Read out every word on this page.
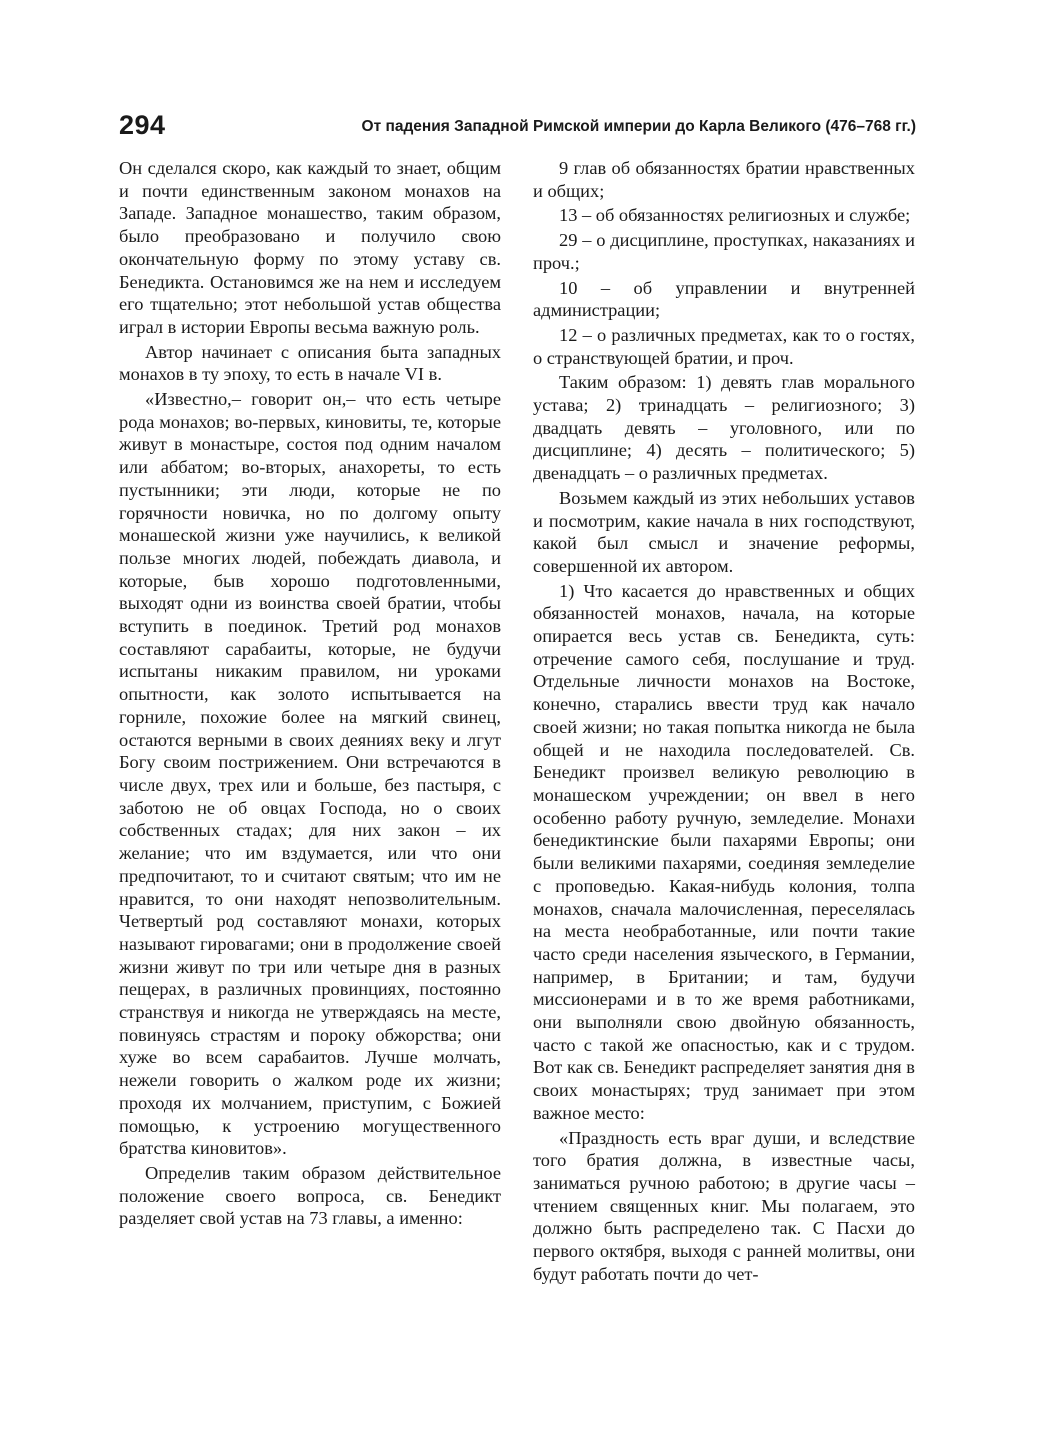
294	От падения Западной Римской империи до Карла Великого (476–768 гг.)

Он сделался скоро, как каждый то знает, общим и почти единственным законом монахов на Западе. Западное монашество, таким образом, было преобразовано и получило свою окончательную форму по этому уставу св. Бенедикта. Остановимся же на нем и исследуем его тщательно; этот небольшой устав общества играл в истории Европы весьма важную роль.

Автор начинает с описания быта западных монахов в ту эпоху, то есть в начале VI в.

«Известно,– говорит он,– что есть четыре рода монахов; во-первых, киновиты, те, которые живут в монастыре, состоя под одним началом или аббатом; во-вторых, анахореты, то есть пустынники; эти люди, которые не по горячности новичка, но по долгому опыту монашеской жизни уже научились, к великой пользе многих людей, побеждать диавола, и которые, быв хорошо подготовленными, выходят одни из воинства своей братии, чтобы вступить в поединок. Третий род монахов составляют сарабаиты, которые, не будучи испытаны никаким правилом, ни уроками опытности, как золото испытывается на горниле, похожие более на мягкий свинец, остаются верными в своих деяниях веку и лгут Богу своим пострижением. Они встречаются в числе двух, трех или и больше, без пастыря, с заботою не об овцах Господа, но о своих собственных стадах; для них закон – их желание; что им вздумается, или что они предпочитают, то и считают святым; что им не нравится, то они находят непозволительным. Четвертый род составляют монахи, которых называют гировагами; они в продолжение своей жизни живут по три или четыре дня в разных пещерах, в различных провинциях, постоянно странствуя и никогда не утверждаясь на месте, повинуясь страстям и пороку обжорства; они хуже во всем сарабаитов. Лучше молчать, нежели говорить о жалком роде их жизни; проходя их молчанием, приступим, с Божией помощью, к устроению могущественного братства киновитов».

Определив таким образом действительное положение своего вопроса, св. Бенедикт разделяет свой устав на 73 главы, а именно:

9 глав об обязанностях братии нравственных и общих;

13 – об обязанностях религиозных и службе;

29 – о дисциплине, проступках, наказаниях и проч.;

10 – об управлении и внутренней администрации;

12 – о различных предметах, как то о гостях, о странствующей братии, и проч.

Таким образом: 1) девять глав морального устава; 2) тринадцать – религиозного; 3) двадцать девять – уголовного, или по дисциплине; 4) десять – политического; 5) двенадцать – о различных предметах.

Возьмем каждый из этих небольших уставов и посмотрим, какие начала в них господствуют, какой был смысл и значение реформы, совершенной их автором.

1) Что касается до нравственных и общих обязанностей монахов, начала, на которые опирается весь устав св. Бенедикта, суть: отречение самого себя, послушание и труд. Отдельные личности монахов на Востоке, конечно, старались ввести труд как начало своей жизни; но такая попытка никогда не была общей и не находила последователей. Св. Бенедикт произвел великую революцию в монашеском учреждении; он ввел в него особенно работу ручную, земледелие. Монахи бенедиктинские были пахарями Европы; они были великими пахарями, соединяя земледелие с проповедью. Какая-нибудь колония, толпа монахов, сначала малочисленная, переселялась на места необработанные, или почти такие часто среди населения языческого, в Германии, например, в Британии; и там, будучи миссионерами и в то же время работниками, они выполняли свою двойную обязанность, часто с такой же опасностью, как и с трудом. Вот как св. Бенедикт распределяет занятия дня в своих монастырях; труд занимает при этом важное место:

«Праздность есть враг души, и вследствие того братия должна, в известные часы, заниматься ручною работою; в другие часы – чтением священных книг. Мы полагаем, это должно быть распределено так. С Пасхи до первого октября, выходя с ранней молитвы, они будут работать почти до чет-
